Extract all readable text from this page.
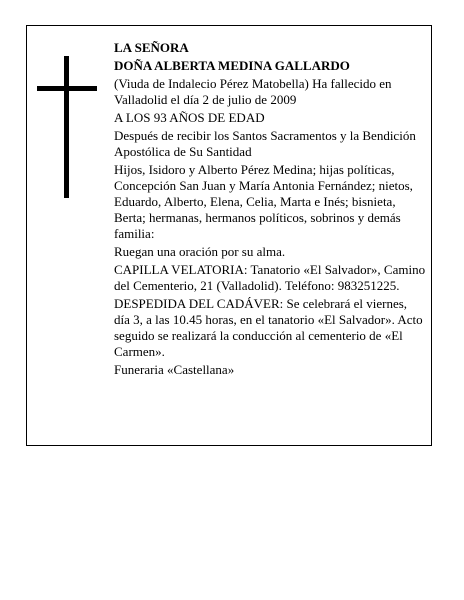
LA SEÑORA

DOÑA ALBERTA MEDINA GALLARDO

(Viuda de Indalecio Pérez Matobella) Ha fallecido en Valladolid el día 2 de julio de 2009

A LOS 93 AÑOS DE EDAD

Después de recibir los Santos Sacramentos y la Bendición Apostólica de Su Santidad

Hijos, Isidoro y Alberto Pérez Medina; hijas políticas, Concepción San Juan y María Antonia Fernández; nietos, Eduardo, Alberto, Elena, Celia, Marta e Inés; bisnieta, Berta; hermanas, hermanos políticos, sobrinos y demás familia:

Ruegan una oración por su alma.

CAPILLA VELATORIA: Tanatorio «El Salvador», Camino del Cementerio, 21 (Valladolid). Teléfono: 983251225.

DESPEDIDA DEL CADÁVER: Se celebrará el viernes, día 3, a las 10.45 horas, en el tanatorio «El Salvador». Acto seguido se realizará la conducción al cementerio de «El Carmen».

Funeraria «Castellana»
